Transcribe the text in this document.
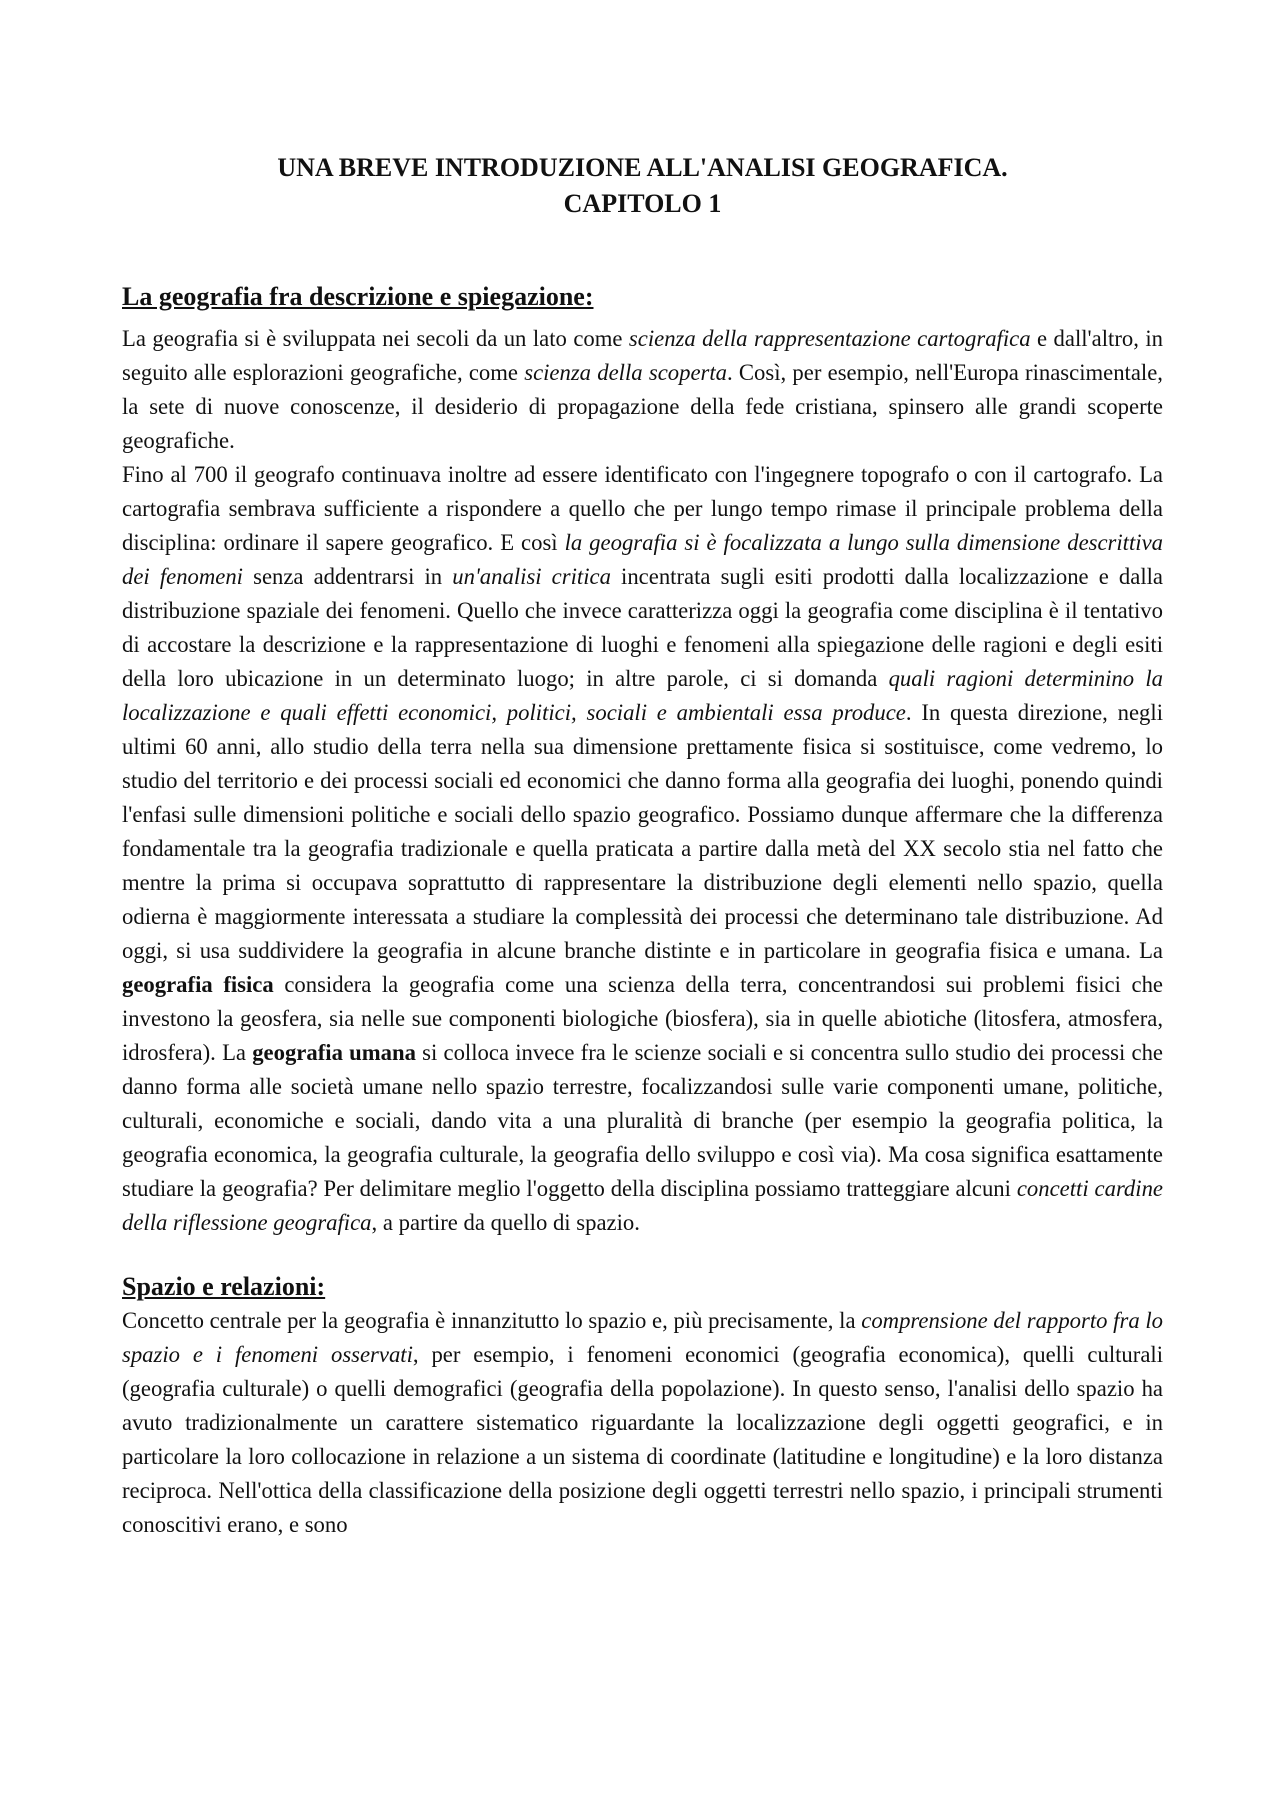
UNA BREVE INTRODUZIONE ALL'ANALISI GEOGRAFICA.
CAPITOLO 1
La geografia fra descrizione e spiegazione:

La geografia si è sviluppata nei secoli da un lato come scienza della rappresentazione cartografica e dall'altro, in seguito alle esplorazioni geografiche, come scienza della scoperta. Così, per esempio, nell'Europa rinascimentale, la sete di nuove conoscenze, il desiderio di propagazione della fede cristiana, spinsero alle grandi scoperte geografiche.

Fino al 700 il geografo continuava inoltre ad essere identificato con l'ingegnere topografo o con il cartografo. La cartografia sembrava sufficiente a rispondere a quello che per lungo tempo rimase il principale problema della disciplina: ordinare il sapere geografico. E così la geografia si è focalizzata a lungo sulla dimensione descrittiva dei fenomeni senza addentrarsi in un'analisi critica incentrata sugli esiti prodotti dalla localizzazione e dalla distribuzione spaziale dei fenomeni. Quello che invece caratterizza oggi la geografia come disciplina è il tentativo di accostare la descrizione e la rappresentazione di luoghi e fenomeni alla spiegazione delle ragioni e degli esiti della loro ubicazione in un determinato luogo; in altre parole, ci si domanda quali ragioni determinino la localizzazione e quali effetti economici, politici, sociali e ambientali essa produce. In questa direzione, negli ultimi 60 anni, allo studio della terra nella sua dimensione prettamente fisica si sostituisce, come vedremo, lo studio del territorio e dei processi sociali ed economici che danno forma alla geografia dei luoghi, ponendo quindi l'enfasi sulle dimensioni politiche e sociali dello spazio geografico. Possiamo dunque affermare che la differenza fondamentale tra la geografia tradizionale e quella praticata a partire dalla metà del XX secolo stia nel fatto che mentre la prima si occupava soprattutto di rappresentare la distribuzione degli elementi nello spazio, quella odierna è maggiormente interessata a studiare la complessità dei processi che determinano tale distribuzione. Ad oggi, si usa suddividere la geografia in alcune branche distinte e in particolare in geografia fisica e umana. La geografia fisica considera la geografia come una scienza della terra, concentrandosi sui problemi fisici che investono la geosfera, sia nelle sue componenti biologiche (biosfera), sia in quelle abiotiche (litosfera, atmosfera, idrosfera). La geografia umana si colloca invece fra le scienze sociali e si concentra sullo studio dei processi che danno forma alle società umane nello spazio terrestre, focalizzandosi sulle varie componenti umane, politiche, culturali, economiche e sociali, dando vita a una pluralità di branche (per esempio la geografia politica, la geografia economica, la geografia culturale, la geografia dello sviluppo e così via). Ma cosa significa esattamente studiare la geografia? Per delimitare meglio l'oggetto della disciplina possiamo tratteggiare alcuni concetti cardine della riflessione geografica, a partire da quello di spazio.

Spazio e relazioni:

Concetto centrale per la geografia è innanzitutto lo spazio e, più precisamente, la comprensione del rapporto fra lo spazio e i fenomeni osservati, per esempio, i fenomeni economici (geografia economica), quelli culturali (geografia culturale) o quelli demografici (geografia della popolazione). In questo senso, l'analisi dello spazio ha avuto tradizionalmente un carattere sistematico riguardante la localizzazione degli oggetti geografici, e in particolare la loro collocazione in relazione a un sistema di coordinate (latitudine e longitudine) e la loro distanza reciproca. Nell'ottica della classificazione della posizione degli oggetti terrestri nello spazio, i principali strumenti conoscitivi erano, e sono
